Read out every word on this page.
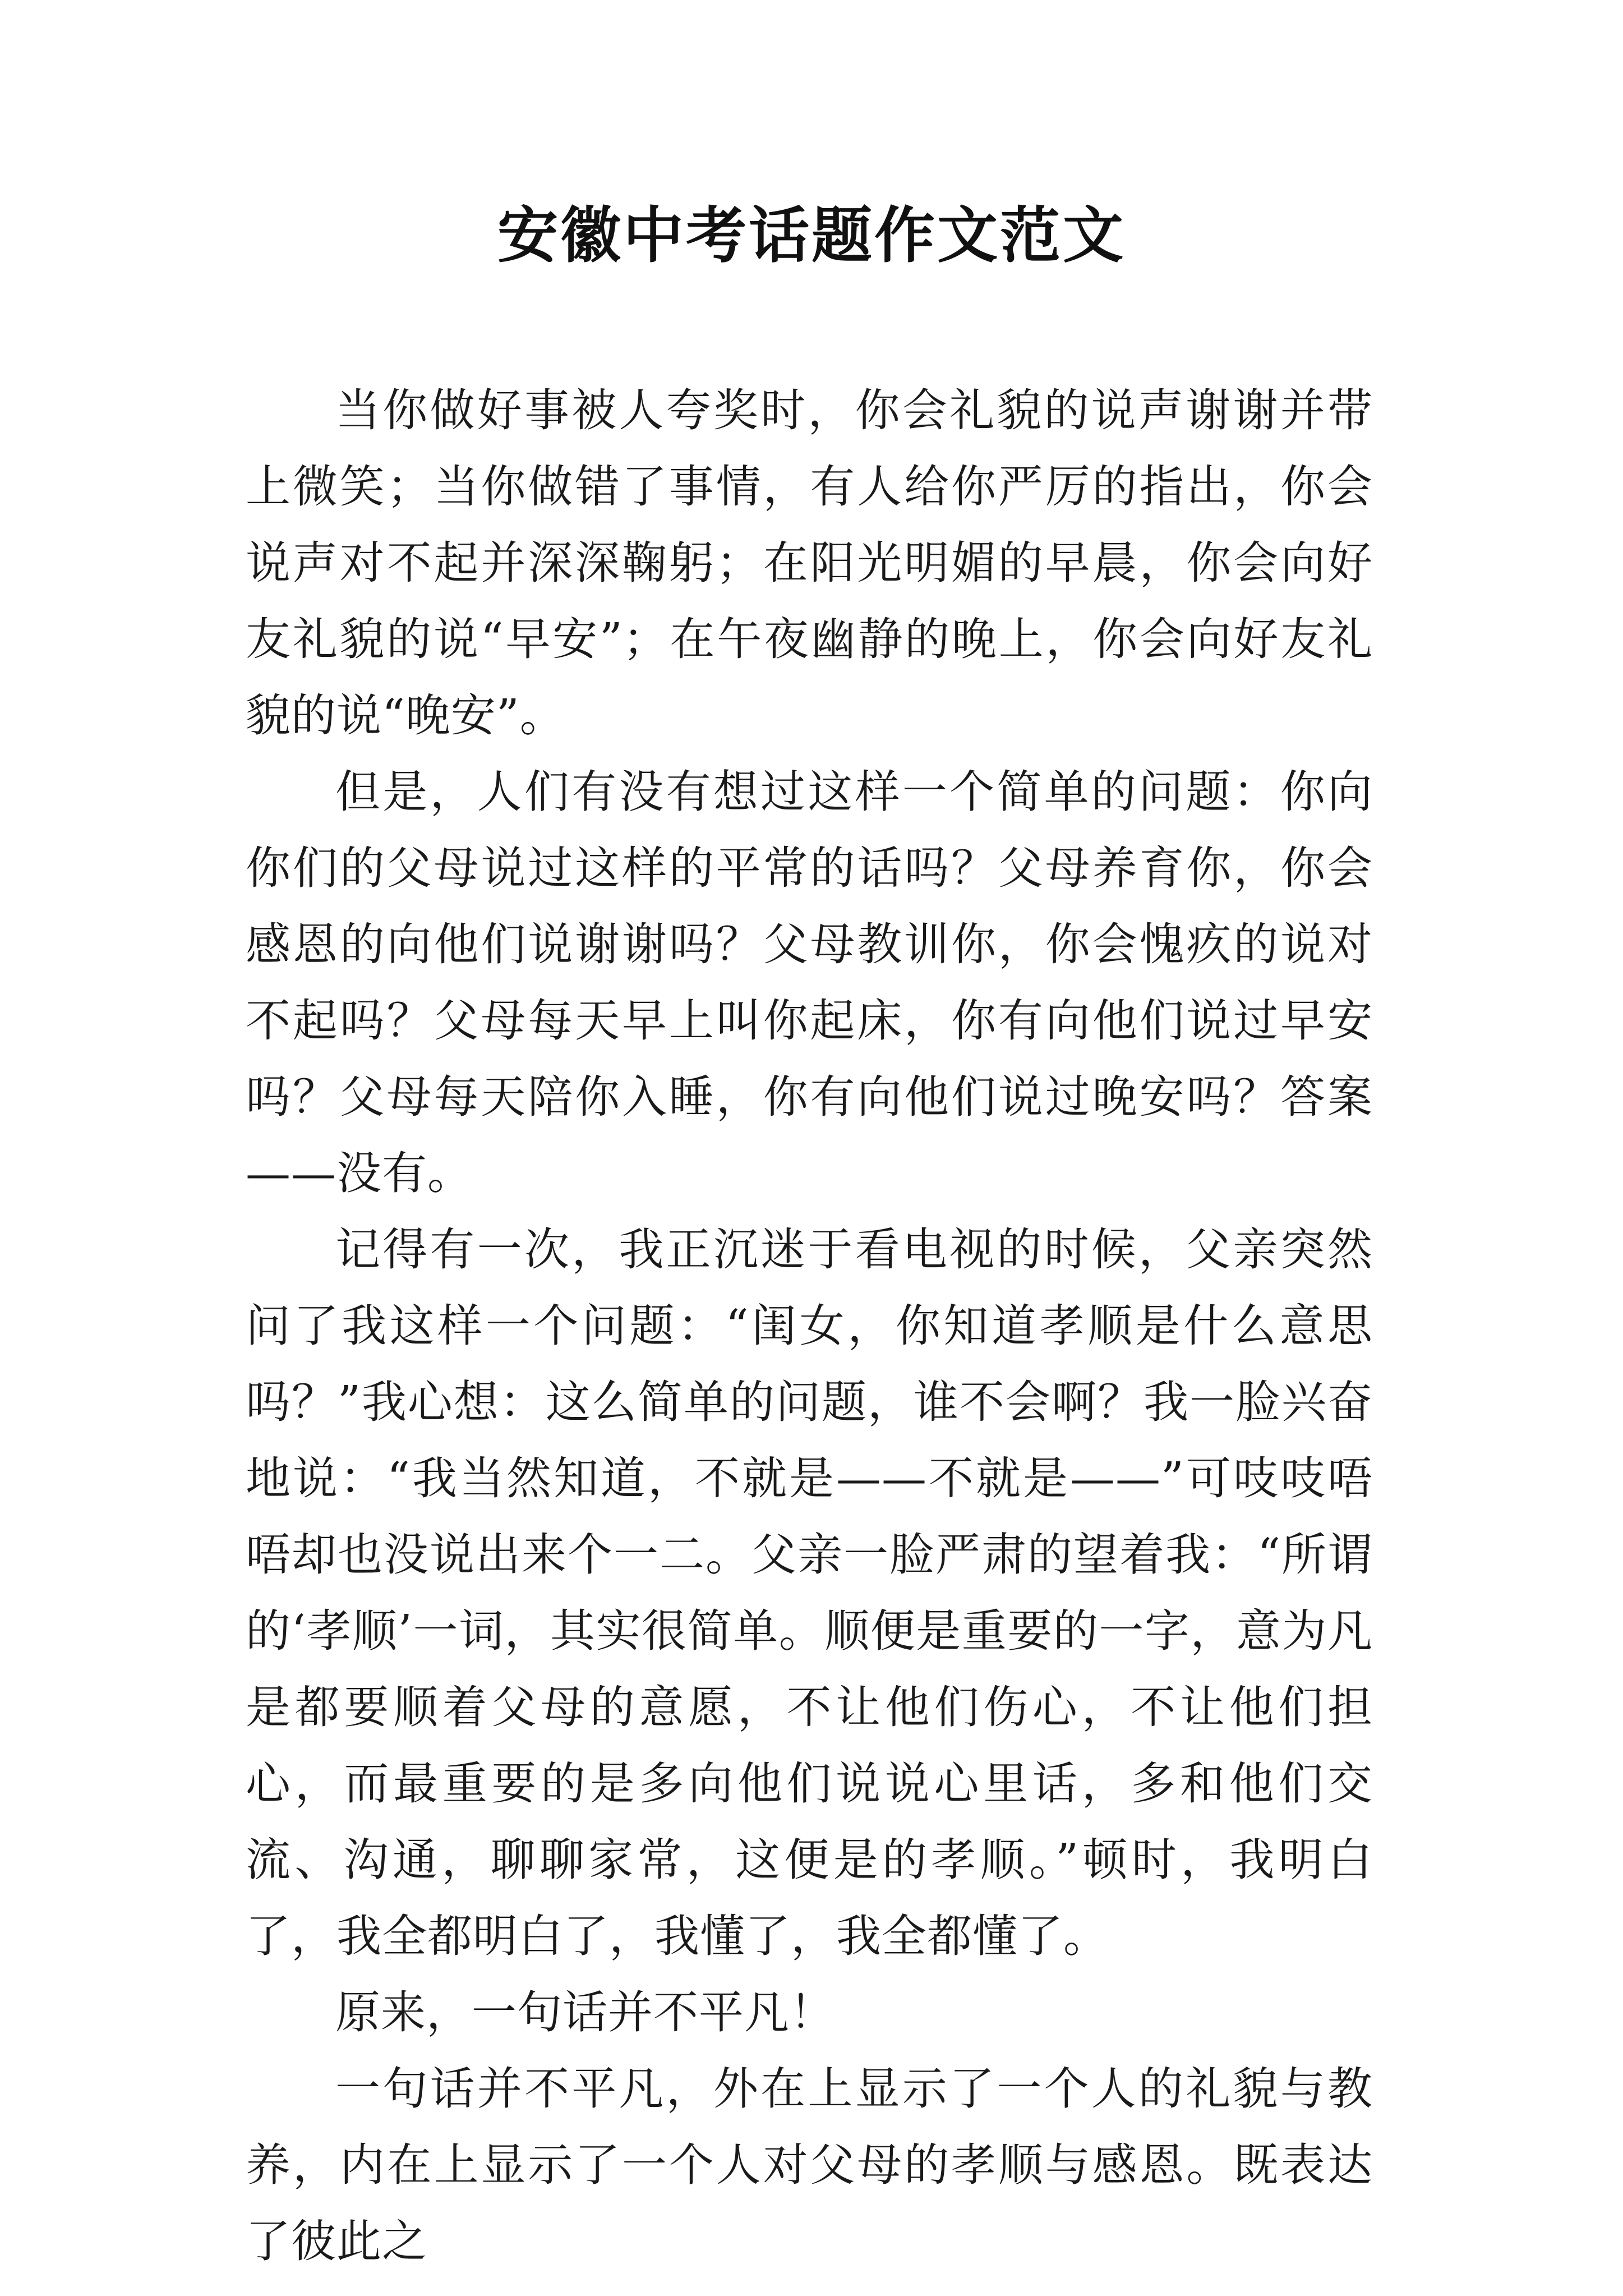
安徽中考话题作文范文

当你做好事被人夸奖时，你会礼貌的说声谢谢并带上微笑；当你做错了事情，有人给你严厉的指出，你会说声对不起并深深鞠躬；在阳光明媚的早晨，你会向好友礼貌的说“早安”；在午夜幽静的晚上，你会向好友礼貌的说“晚安”。

但是，人们有没有想过这样一个简单的问题：你向你们的父母说过这样的平常的话吗？父母养育你，你会感恩的向他们说谢谢吗？父母教训你，你会愧疚的说对不起吗？父母每天早上叫你起床，你有向他们说过早安吗？父母每天陪你入睡，你有向他们说过晚安吗？答案——没有。

记得有一次，我正沉迷于看电视的时候，父亲突然问了我这样一个问题：“闺女，你知道孝顺是什么意思吗？”我心想：这么简单的问题，谁不会啊？我一脸兴奋地说：“我当然知道，不就是——不就是——”可吱吱唔唔却也没说出来个一二。父亲一脸严肃的望着我：“所谓的‘孝顺’一词，其实很简单。顺便是重要的一字，意为凡是都要顺着父母的意愿，不让他们伤心，不让他们担心，而最重要的是多向他们说说心里话，多和他们交流、沟通，聊聊家常，这便是的孝顺。”顿时，我明白了，我全都明白了，我懂了，我全都懂了。

原来，一句话并不平凡！

一句话并不平凡，外在上显示了一个人的礼貌与教养，内在上显示了一个人对父母的孝顺与感恩。既表达了彼此之
